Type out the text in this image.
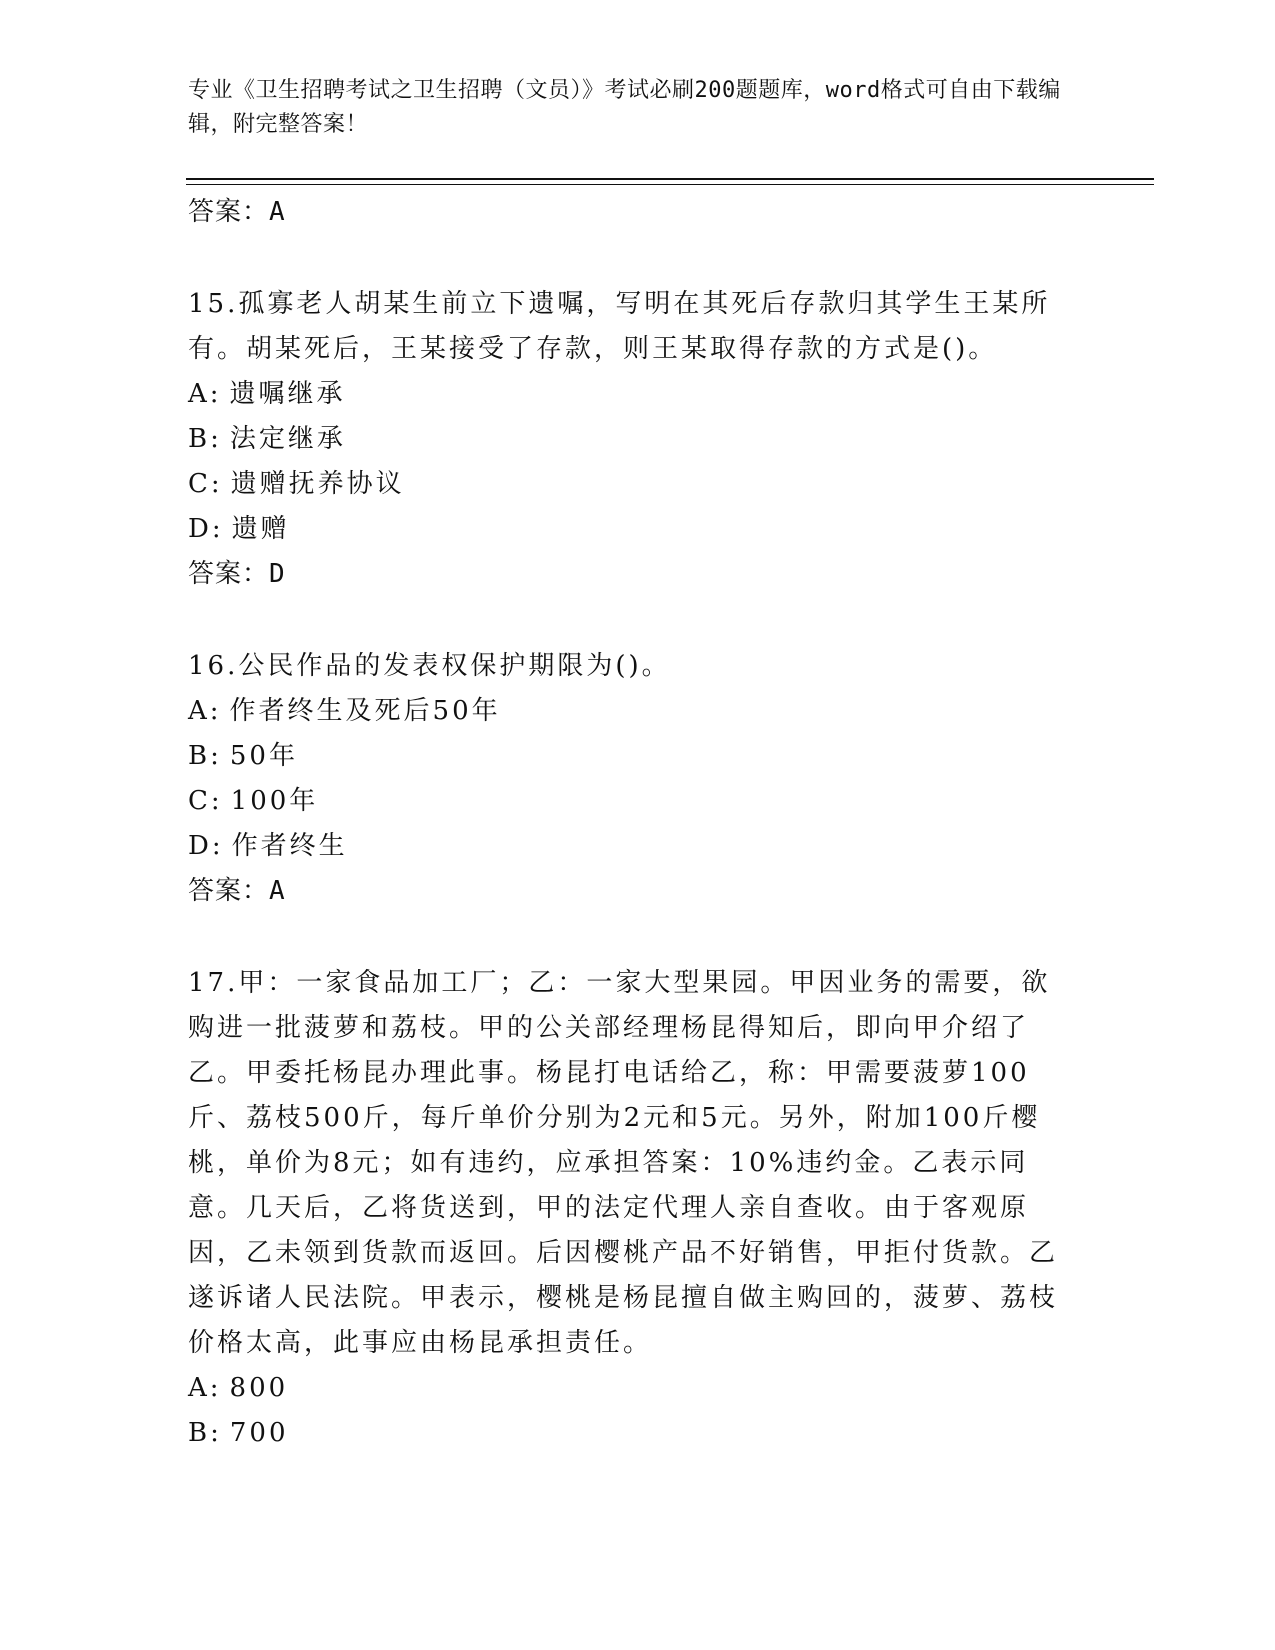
专业《卫生招聘考试之卫生招聘（文员）》考试必刷200题题库，word格式可自由下载编辑，附完整答案！
答案：A
15.孤寡老人胡某生前立下遗嘱，写明在其死后存款归其学生王某所有。胡某死后，王某接受了存款，则王某取得存款的方式是()。
A: 遗嘱继承
B: 法定继承
C: 遗赠抚养协议
D: 遗赠
答案：D
16.公民作品的发表权保护期限为()。
A: 作者终生及死后50年
B: 50年
C: 100年
D: 作者终生
答案：A
17.甲：一家食品加工厂；乙：一家大型果园。甲因业务的需要，欲购进一批菠萝和荔枝。甲的公关部经理杨昆得知后，即向甲介绍了乙。甲委托杨昆办理此事。杨昆打电话给乙，称：甲需要菠萝100斤、荔枝500斤，每斤单价分别为2元和5元。另外，附加100斤樱桃，单价为8元；如有违约，应承担答案：10%违约金。乙表示同意。几天后，乙将货送到，甲的法定代理人亲自查收。由于客观原因，乙未领到货款而返回。后因樱桃产品不好销售，甲拒付货款。乙遂诉诸人民法院。甲表示，樱桃是杨昆擅自做主购回的，菠萝、荔枝价格太高，此事应由杨昆承担责任。
A: 800
B: 700
